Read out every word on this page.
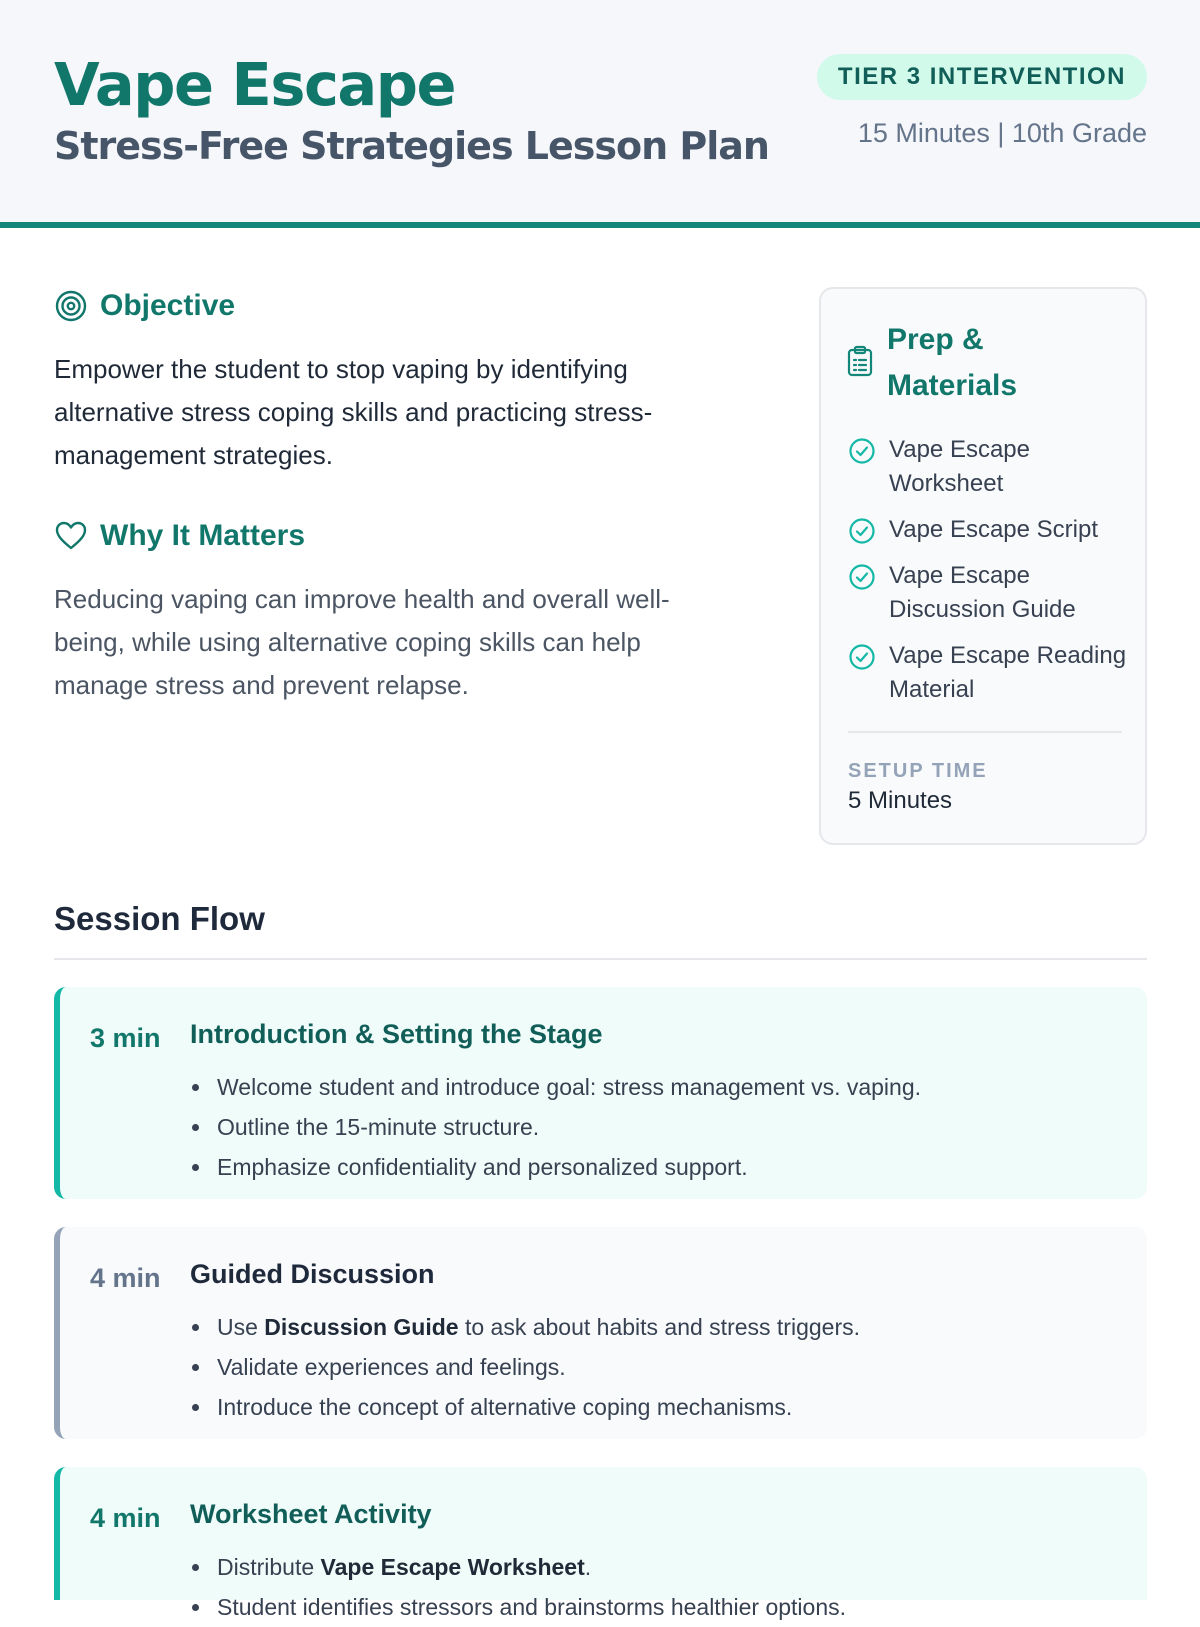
Vape Escape
Stress-Free Strategies Lesson Plan
TIER 3 INTERVENTION
15 Minutes | 10th Grade
Objective

Empower the student to stop vaping by identifying alternative stress coping skills and practicing stress-management strategies.

Why It Matters

Reducing vaping can improve health and overall well-being, while using alternative coping skills can help manage stress and prevent relapse.

Prep & Materials
Vape Escape Worksheet
Vape Escape Script
Vape Escape Discussion Guide
Vape Escape Reading Material
SETUP TIME
5 Minutes
Session Flow
3 min Introduction & Setting the Stage
Welcome student and introduce goal: stress management vs. vaping.
Outline the 15-minute structure.
Emphasize confidentiality and personalized support.
4 min Guided Discussion
Use Discussion Guide to ask about habits and stress triggers.
Validate experiences and feelings.
Introduce the concept of alternative coping mechanisms.
4 min Worksheet Activity
Distribute Vape Escape Worksheet.
Student identifies stressors and brainstorms healthier options.
